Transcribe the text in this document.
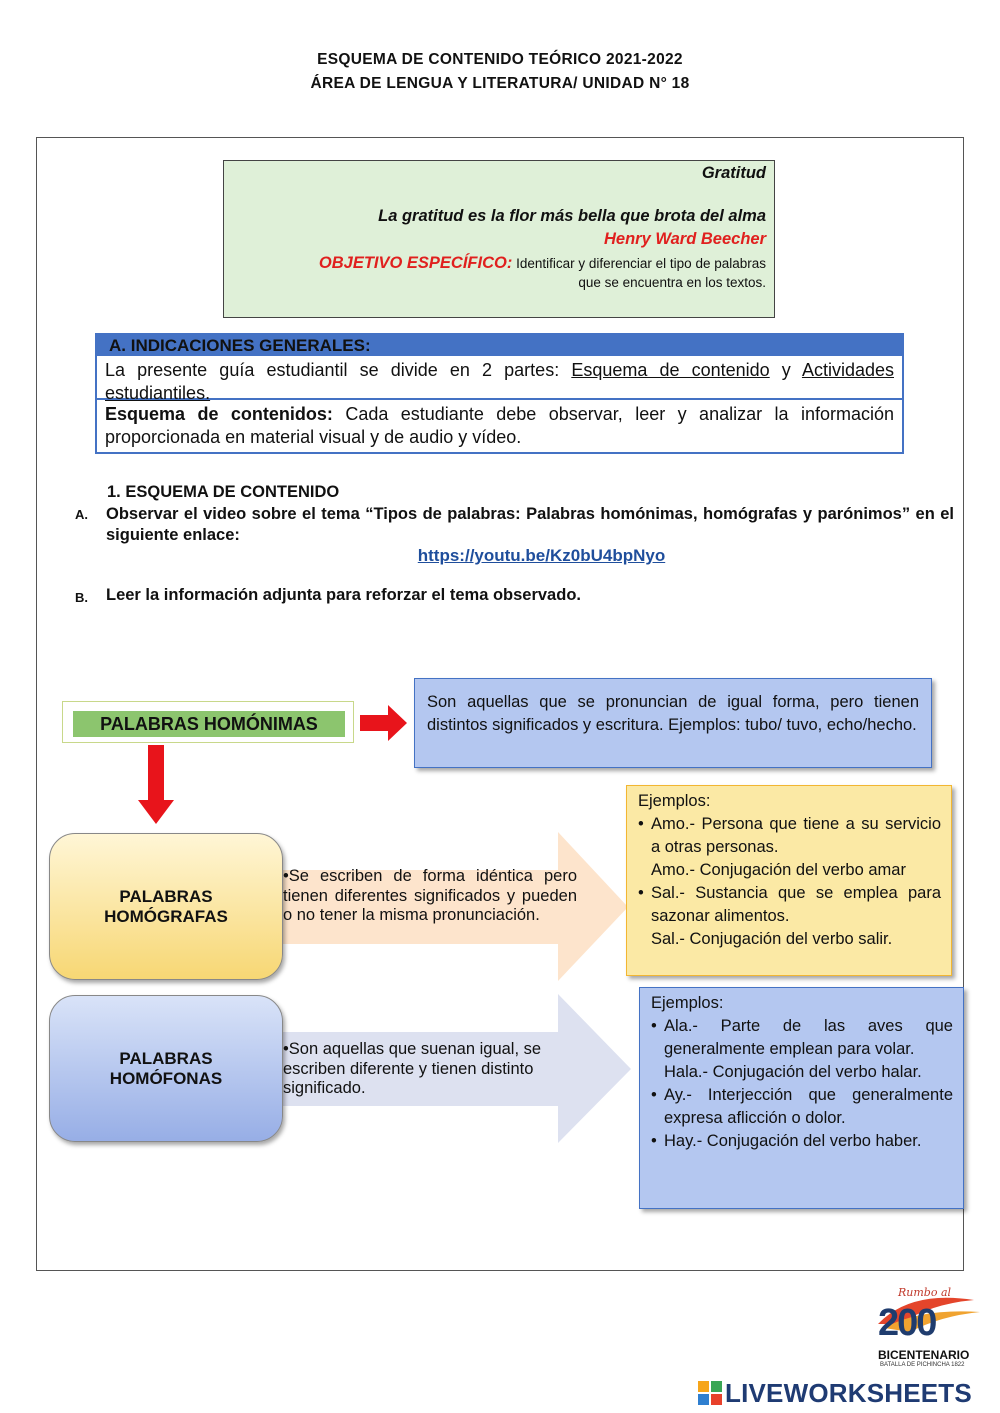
ESQUEMA DE CONTENIDO TEÓRICO 2021-2022
ÁREA DE LENGUA Y LITERATURA/ UNIDAD N° 18
Gratitud
La gratitud es la flor más bella que brota del alma
Henry Ward Beecher
OBJETIVO ESPECÍFICO: Identificar y diferenciar el tipo de palabras
que se encuentra en los textos.
A. INDICACIONES GENERALES:
La presente guía estudiantil se divide en 2 partes: Esquema de contenido y Actividades estudiantiles.
Esquema de contenidos: Cada estudiante debe observar, leer y analizar la información proporcionada en material visual y de audio y vídeo.
1. ESQUEMA DE CONTENIDO
A. Observar el video sobre el tema “Tipos de palabras: Palabras homónimas, homógrafas y parónimos” en el siguiente enlace:
https://youtu.be/Kz0bU4bpNyo
B. Leer la información adjunta para reforzar el tema observado.
PALABRAS HOMÓNIMAS
Son aquellas que se pronuncian de igual forma, pero tienen distintos significados y escritura. Ejemplos: tubo/ tuvo, echo/hecho.
PALABRAS
HOMÓGRAFAS
•Se escriben de forma idéntica pero tienen diferentes significados y pueden o no tener la misma pronunciación.
Ejemplos:
• Amo.- Persona que tiene a su servicio a otras personas.
Amo.- Conjugación del verbo amar
• Sal.- Sustancia que se emplea para sazonar alimentos.
Sal.- Conjugación del verbo salir.
PALABRAS
HOMÓFONAS
•Son aquellas que suenan igual, se escriben diferente y tienen distinto significado.
Ejemplos:
• Ala.- Parte de las aves que generalmente emplean para volar.
Hala.- Conjugación del verbo halar.
• Ay.- Interjección que generalmente expresa aflicción o dolor.
• Hay.- Conjugación del verbo haber.
Rumbo al
200
BICENTENARIO
BATALLA DE PICHINCHA 1822
LIVEWORKSHEETS
